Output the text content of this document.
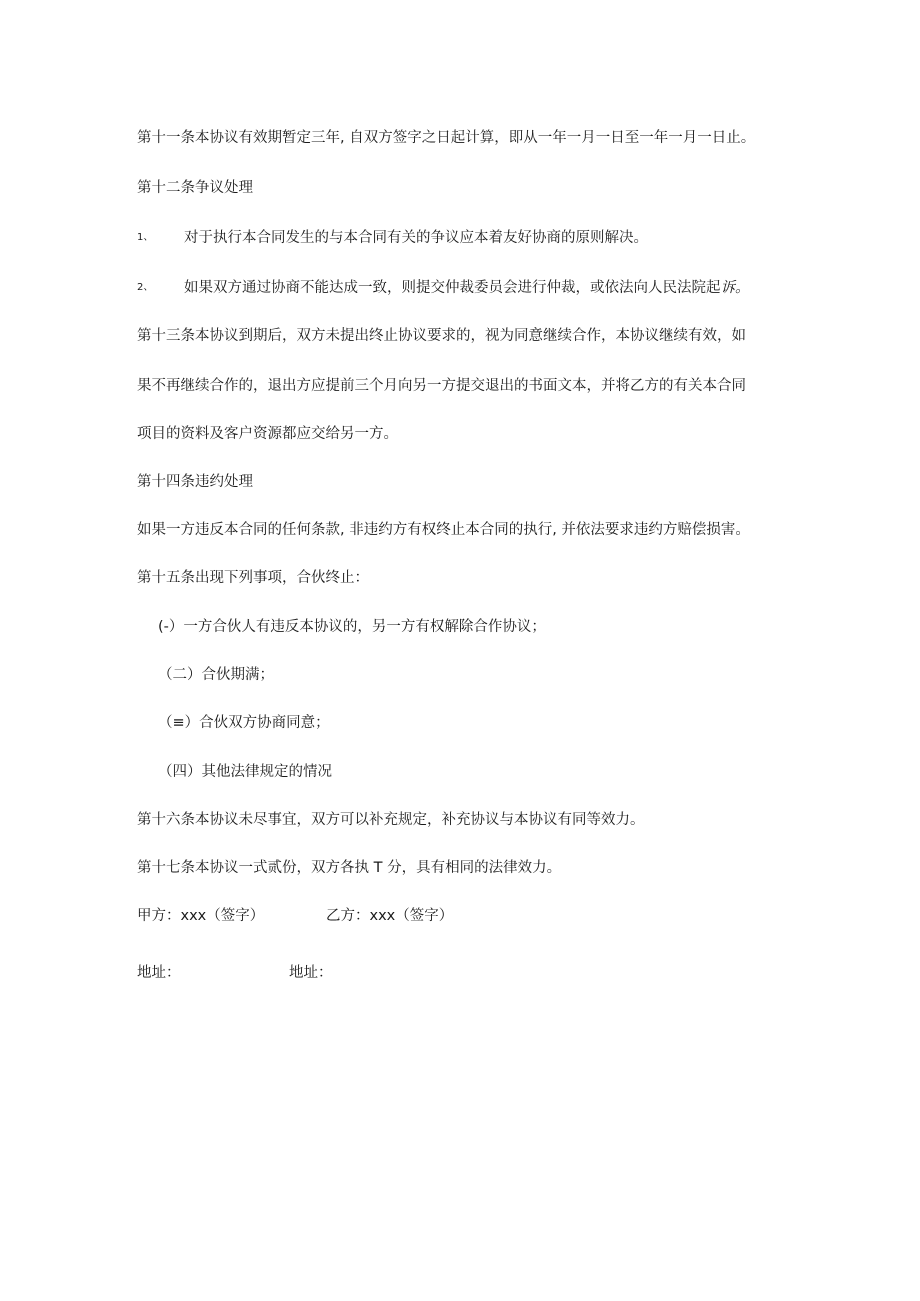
第十一条本协议有效期暂定三年, 自双方签字之日起计算，即从一年一月一日至一年一月一日止。
第十二条争议处理
1、 对于执行本合同发生的与本合同有关的争议应本着友好协商的原则解决。
2、 如果双方通过协商不能达成一致，则提交仲裁委员会进行仲裁，或依法向人民法院起诉。
第十三条本协议到期后，双方未提出终止协议要求的，视为同意继续合作，本协议继续有效，如
果不再继续合作的，退出方应提前三个月向另一方提交退出的书面文本，并将乙方的有关本合同
项目的资料及客户资源都应交给另一方。
第十四条违约处理
如果一方违反本合同的任何条款, 非违约方有权终止本合同的执行, 并依法要求违约方赔偿损害。
第十五条出现下列事项，合伙终止：
(-）一方合伙人有违反本协议的，另一方有权解除合作协议；
（二）合伙期满；
（≡）合伙双方协商同意；
（四）其他法律规定的情况
第十六条本协议未尽事宜，双方可以补充规定，补充协议与本协议有同等效力。
第十七条本协议一式贰份，双方各执 T 分，具有相同的法律效力。
甲方：xxx（签字）	乙方：xxx（签字）
地址：	地址：
